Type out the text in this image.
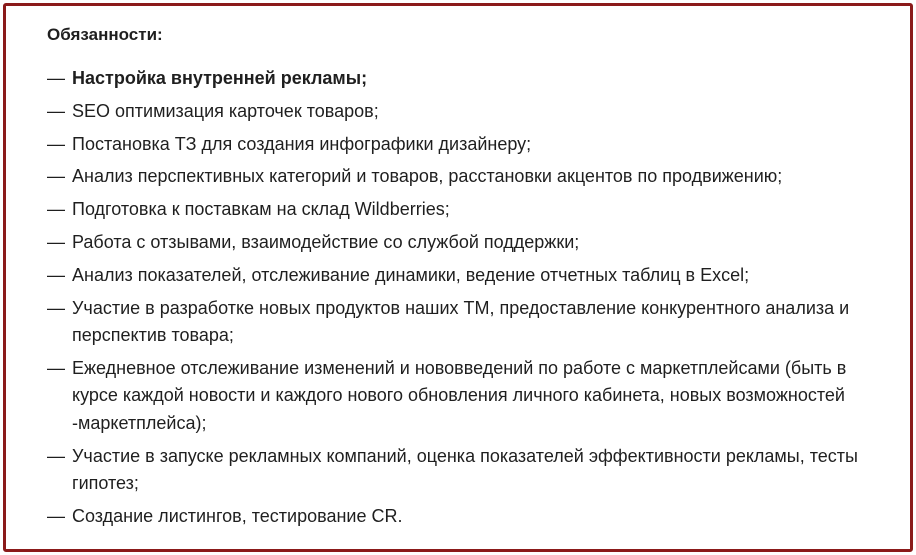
Обязанности:
— Настройка внутренней рекламы;
— SEO оптимизация карточек товаров;
— Постановка ТЗ для создания инфографики дизайнеру;
— Анализ перспективных категорий и товаров, расстановки акцентов по продвижению;
— Подготовка к поставкам на склад Wildberries;
— Работа с отзывами, взаимодействие со службой поддержки;
— Анализ показателей, отслеживание динамики, ведение отчетных таблиц в Excel;
— Участие в разработке новых продуктов наших ТМ, предоставление конкурентного анализа и перспектив товара;
— Ежедневное отслеживание изменений и нововведений по работе с маркетплейсами (быть в курсе каждой новости и каждого нового обновления личного кабинета, новых возможностей -маркетплейса);
— Участие в запуске рекламных компаний, оценка показателей эффективности рекламы, тесты гипотез;
— Создание листингов, тестирование CR.
